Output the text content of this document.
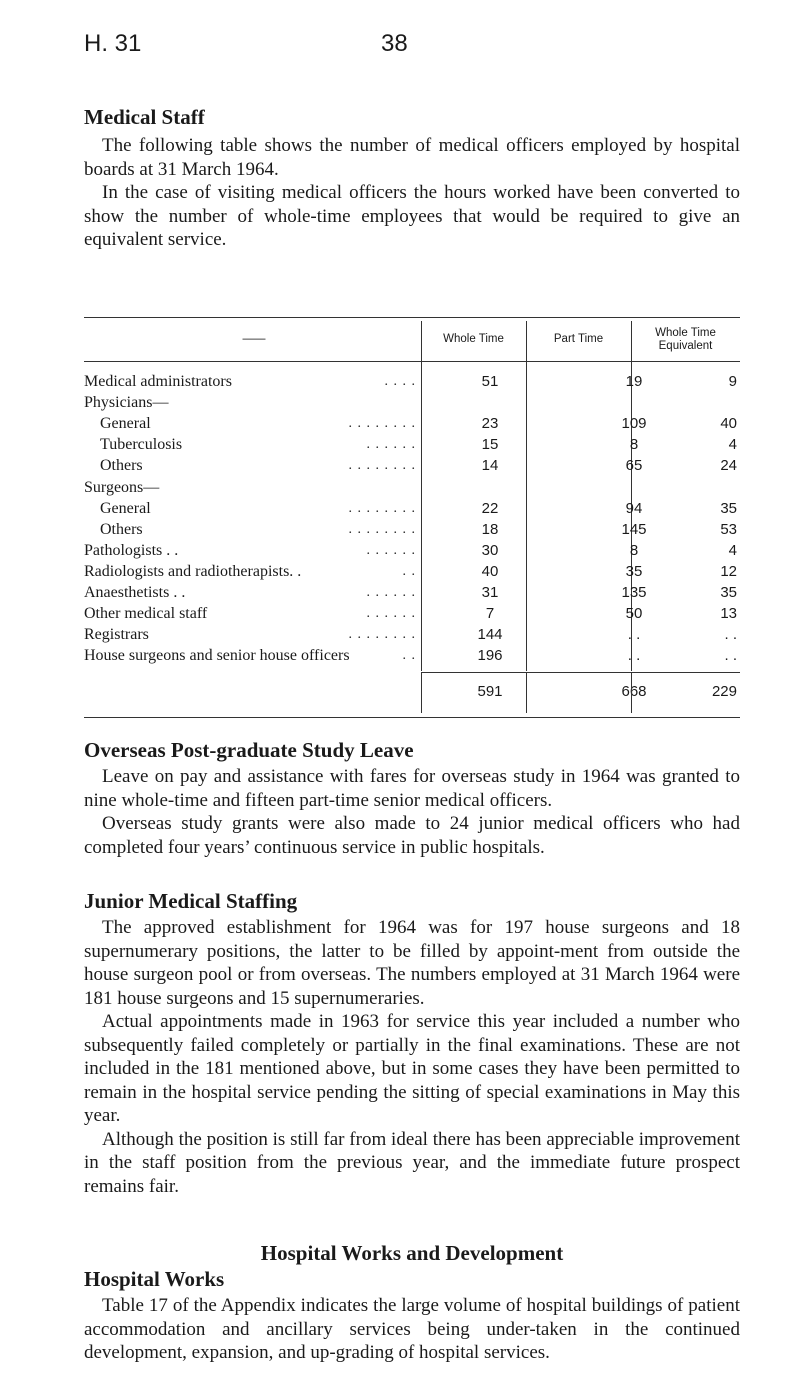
H. 31	38
Medical Staff

The following table shows the number of medical officers employed by hospital boards at 31 March 1964.

In the case of visiting medical officers the hours worked have been converted to show the number of whole-time employees that would be required to give an equivalent service.

——	Whole Time	Part Time	Whole Time Equivalent
Medical administrators	. . . .	51	19	9
Physicians—
General	. . . . . . . .	23	109	40
Tuberculosis	. . . . . .	15	8	4
Others	. . . . . . . .	14	65	24
Surgeons—
General	. . . . . . . .	22	94	35
Others	. . . . . . . .	18	145	53
Pathologists . .	. . . . . .	30	8	4
Radiologists and radiotherapists. .	. .	40	35	12
Anaesthetists . .	. . . . . .	31	135	35
Other medical staff	. . . . . .	7	50	13
Registrars	. . . . . . . .	144	. .	. .
House surgeons and senior house officers	. .	196	. .	. .
591	668	229
Overseas Post-graduate Study Leave

Leave on pay and assistance with fares for overseas study in 1964 was granted to nine whole-time and fifteen part-time senior medical officers.

Overseas study grants were also made to 24 junior medical officers who had completed four years’ continuous service in public hospitals.

Junior Medical Staffing

The approved establishment for 1964 was for 197 house surgeons and 18 supernumerary positions, the latter to be filled by appoint-ment from outside the house surgeon pool or from overseas. The numbers employed at 31 March 1964 were 181 house surgeons and 15 supernumeraries.

Actual appointments made in 1963 for service this year included a number who subsequently failed completely or partially in the final examinations. These are not included in the 181 mentioned above, but in some cases they have been permitted to remain in the hospital service pending the sitting of special examinations in May this year.

Although the position is still far from ideal there has been appreciable improvement in the staff position from the previous year, and the immediate future prospect remains fair.

Hospital Works and Development
Hospital Works

Table 17 of the Appendix indicates the large volume of hospital buildings of patient accommodation and ancillary services being under-taken in the continued development, expansion, and up-grading of hospital services.
